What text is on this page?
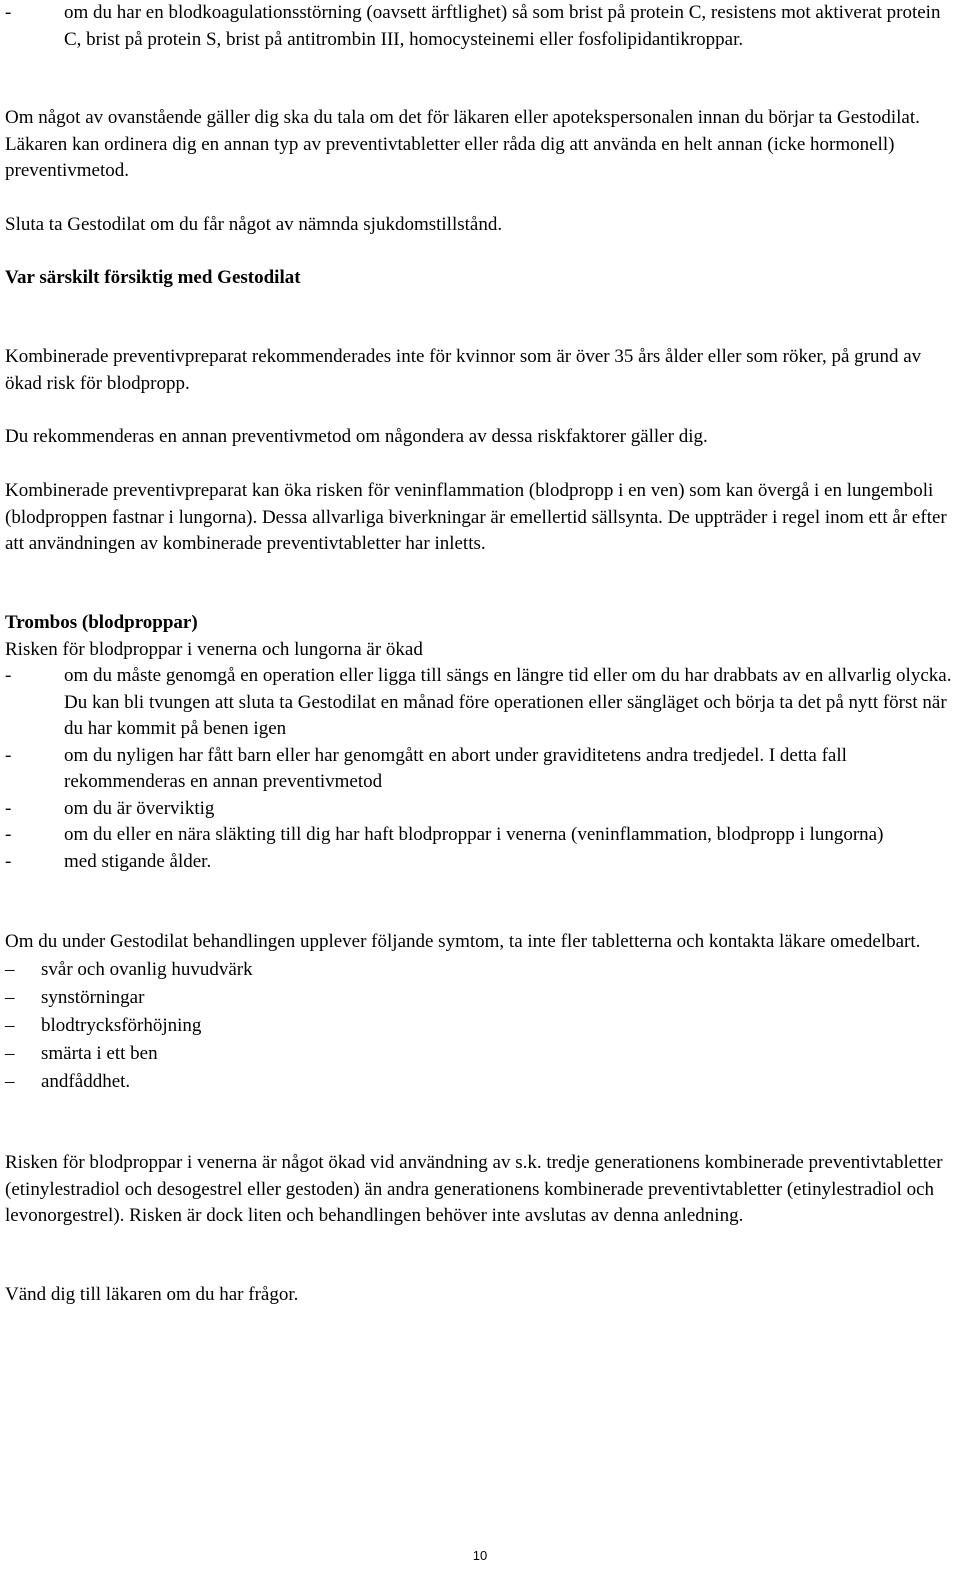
-	om du har en blodkoagulationsstörning (oavsett ärftlighet) så som brist på protein C, resistens mot aktiverat protein C, brist på protein S, brist på antitrombin III, homocysteinemi eller fosfolipidantikroppar.

Om något av ovanstående gäller dig ska du tala om det för läkaren eller apotekspersonalen innan du börjar ta Gestodilat. Läkaren kan ordinera dig en annan typ av preventivtabletter eller råda dig att använda en helt annan (icke hormonell) preventivmetod.

Sluta ta Gestodilat om du får något av nämnda sjukdomstillstånd.

Var särskilt försiktig med Gestodilat

Kombinerade preventivpreparat rekommenderades inte för kvinnor som är över 35 års ålder eller som röker, på grund av ökad risk för blodpropp.

Du rekommenderas en annan preventivmetod om någondera av dessa riskfaktorer gäller dig.

Kombinerade preventivpreparat kan öka risken för veninflammation (blodpropp i en ven) som kan övergå i en lungemboli (blodproppen fastnar i lungorna). Dessa allvarliga biverkningar är emellertid sällsynta. De uppträder i regel inom ett år efter att användningen av kombinerade preventivtabletter har inletts.

Trombos (blodproppar)

Risken för blodproppar i venerna och lungorna är ökad

-	om du måste genomgå en operation eller ligga till sängs en längre tid eller om du har drabbats av en allvarlig olycka. Du kan bli tvungen att sluta ta Gestodilat en månad före operationen eller sängläget och börja ta det på nytt först när du har kommit på benen igen
-	om du nyligen har fått barn eller har genomgått en abort under graviditetens andra tredjedel. I detta fall rekommenderas en annan preventivmetod
-	om du är överviktig
-	om du eller en nära släkting till dig har haft blodproppar i venerna (veninflammation, blodpropp i lungorna)
-	med stigande ålder.

Om du under Gestodilat behandlingen upplever följande symtom, ta inte fler tabletterna och kontakta läkare omedelbart.

–	svår och ovanlig huvudvärk
–	synstörningar
–	blodtrycksförhöjning
–	smärta i ett ben
–	andfåddhet.

Risken för blodproppar i venerna är något ökad vid användning av s.k. tredje generationens kombinerade preventivtabletter (etinylestradiol och desogestrel eller gestoden) än andra generationens kombinerade preventivtabletter (etinylestradiol och levonorgestrel). Risken är dock liten och behandlingen behöver inte avslutas av denna anledning.

Vänd dig till läkaren om du har frågor.

10
